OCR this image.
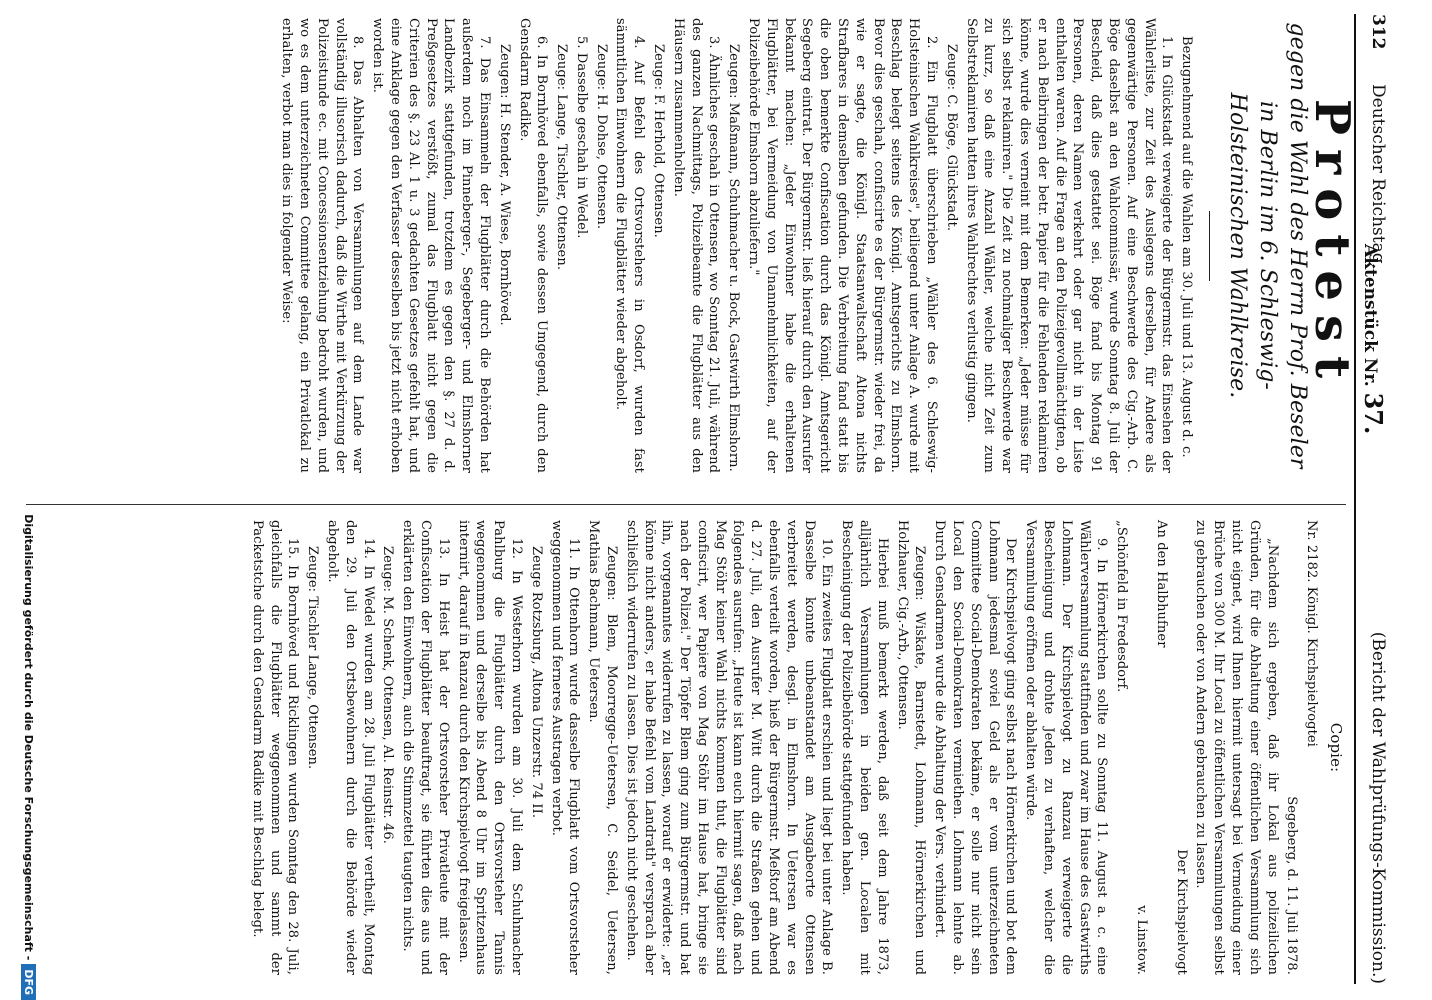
312
Deutscher Reichstag.
Aktenstück Nr. 37.
(Bericht der Wahlprüfungs-Kommission.)
Protest
gegen die Wahl des Herrn Prof. Beseler in Berlin im 6. Schleswig-Holsteinischen Wahlkreise.

Bezugnehmend auf die Wahlen am 30. Juli und 13. August d. c.

1. In Glückstadt verweigerte der Bürgermstr. das Einsehen der Wählerliste, zur Zeit des Auslegens derselben, für Andere als gegenwärtige Personen. Auf eine Beschwerde des Cig.-Arb. C. Böge daselbst an den Wahlcommissär, wurde Sonntag 8. Juli der Bescheid, daß dies gestattet sei. Böge fand bis Montag 91 Personen, deren Namen verkehrt oder gar nicht in der Liste enthalten waren. Auf die Frage an den Polizeigevollmächtigten, ob er nach Beibringen der betr. Papier für die Fehlenden reklamiren könne, wurde dies verneint mit dem Bemerken: „Jeder müsse für sich selbst reklamiren." Die Zeit zu nochmaliger Beschwerde war zu kurz, so daß eine Anzahl Wähler, welche nicht Zeit zum Selbstreklamiren hatten ihres Wahlrechtes verlustig gingen.

Zeuge: C. Böge, Glückstadt.

2. Ein Flugblatt überschrieben „Wähler des 6. Schleswig-Holsteinischen Wahlkreises", beiliegend unter Anlage A. wurde mit Beschlag belegt seitens des Königl. Amtsgerichts zu Elmshorn. Bevor dies geschah, confiscirte es der Bürgermstr. wieder frei, da wie er sagte, die Königl. Staatsanwaltschaft Altona nichts Strafbares in demselben gefunden. Die Verbreitung fand statt bis die oben bemerkte Confiscation durch das Königl. Amtsgericht Segeberg eintrat. Der Bürgermstr. ließ hierauf durch den Ausrufer bekannt machen: „Jeder Einwohner habe die erhaltenen Flugblätter, bei Vermeidung von Unannehmlichkeiten, auf der Polizeibehörde Elmshorn abzuliefern."

Zeugen: Maßmann, Schuhmacher u. Bock, Gastwirth Elmshorn.

3. Ähnliches geschah in Ottensen, wo Sonntag 21. Juli, während des ganzen Nachmittags, Polizeibeamte die Flugblätter aus den Häusern zusammenholten.

Zeuge: F. Herhold, Ottensen.

4. Auf Befehl des Ortsvorstehers in Osdorf, wurden fast sämmtlichen Einwohnern die Flugblätter wieder abgeholt.

Zeuge: H. Dohse, Ottensen.

5. Dasselbe geschah in Wedel.

Zeuge: Lange, Tischler, Ottensen.

6. In Bornhöved ebenfalls, sowie dessen Umgegend, durch den Gensdarm Radike.

Zeugen: H. Stender, A. Wiese, Bornhöved.

7. Das Einsammeln der Flugblätter durch die Behörden hat außerdem noch im Pinneberger-, Segeberger- und Elmshorner Landbezirk stattgefunden, trotzdem es gegen den §. 27 d. d. Preßgesetzes verstößt, zumal das Flugblatt nicht gegen die Criterien des §. 23 Al. 1 u. 3 gedachten Gesetzes gefehlt hat, und eine Anklage gegen den Verfasser desselben bis jetzt nicht erhoben worden ist.

8. Das Abhalten von Versammlungen auf dem Lande war vollständig illusorisch dadurch, daß die Wirthe mit Verkürzung der Polizeistunde ec. mit Concessionsentziehung bedroht wurden, und wo es dem unterzeichneten Committee gelang, ein Privatlokal zu erhalten, verbot man dies in folgender Weise:

Copie:

Nr. 2182. Königl. Kirchspielvogtei

Segeberg, d. 11. Juli 1878.

„Nachdem sich ergeben, daß ihr Lokal aus polizeilichen Gründen, für die Abhaltung einer öffentlichen Versammlung sich nicht eignet, wird Ihnen hiermit untersagt bei Vermeidung einer Brüche von 300 M. Ihr Local zu öffentlichen Versammlungen selbst zu gebrauchen oder von Andern gebrauchen zu lassen.

Der Kirchspielvogt

An den Halbhufner

v. Linstow.

„Schönfeld in Fredesdorf.

9. In Hörnerkirchen sollte zu Sonntag 11. August a. c. eine Wählerversammlung stattfinden und zwar im Hause des Gastwirths Lohmann. Der Kirchspielvogt zu Ranzau verweigerte die Bescheinigung und drohte Jeden zu verhaften, welcher die Versammlung eröffnen oder abhalten würde.

Der Kirchspielvogt ging selbst nach Hörnerkirchen und bot dem Lohmann jedesmal soviel Geld als er vom unterzeichneten Committee Social-Demokraten bekäme, er solle nur nicht sein Local den Social-Demokraten vermiethen. Lohmann lehnte ab. Durch Gensdarmen wurde die Abhaltung der Vers. verhindert.

Zeugen: Wiskate, Barnstedt, Lohmann, Hörnerkirchen und Holzhauer, Cig.-Arb., Ottensen.

Hierbei muß bemerkt werden, daß seit dem Jahre 1873, alljährlich Versammlungen in beiden gen. Localen mit Bescheinigung der Polizeibehörde stattgefunden haben.

10. Ein zweites Flugblatt erschien und liegt bei unter Anlage B. Dasselbe konnte unbeanstandet am Ausgabeorte Ottensen verbreitet werden, desgl. in Elmshorn. In Uetersen war es ebenfalls verteilt worden, hieß der Bürgermstr. Meßtorf am Abend d. 27. Juli, den Ausrufer M. Witt durch die Straßen gehen und folgendes ausrufen: „Heute ist kann euch hiermit sagen, daß nach Mag Stöhr keiner Wahl nichts kommen thut, die Flugblätter sind confiscirt, wer Papiere von Mag Stöhr im Hause hat, bringe sie nach der Polizei." Der Töpfer Blem ging zum Bürgermstr. und bat ihn, vorgenanntes widerrufen zu lassen, worauf er erwiderte: „er könne nicht anders, er habe Befehl vom Landrath" versprach aber schließlich widerrufen zu lassen. Dies ist jedoch nicht geschehen.

Zeugen: Blem, Moorregge-Uetersen, C. Seidel, Uetersen, Mathias Bachmann, Uetersen.

11. In Ottenhorn wurde dasselbe Flugblatt vom Ortsvorsteher weggenommen und ferneres Austragen verbot.

Zeuge Rotzsburg, Altona Unzerstr. 74 II.

12. In Westerhorn wurden am 30. Juli dem Schuhmacher Pahlburg die Flugblätter durch den Ortsvorsteher Tannis weggenommen und derselbe bis Abend 8 Uhr im Spritzenhaus internirt, darauf in Ranzau durch den Kirchspielvogt freigelassen.

13. In Heist hat der Ortsvorsteher Privatleute mit der Confiscation der Flugblätter beauftragt, sie führten dies aus und erklärten den Einwohnern, auch die Stimmzettel taugten nichts.

Zeuge: M. Schenk, Ottensen, Al. Reinstr. 46.

14. In Wedel wurden am 28. Juli Flugblätter vertheilt, Montag den 29. Juli den Ortsbewohnern durch die Behörde wieder abgeholt.

Zeuge: Tischler Lange, Ottensen.

15. In Bornhöved und Ricklingen wurden Sonntag den 28. Juli, gleichfalls die Flugblätter weggenommen und sammt der Packetstche durch den Gensdarm Radike mit Beschlag belegt.

Digitalisierung gefördert durch die Deutsche Forschungsgemeinschaft -DFG
